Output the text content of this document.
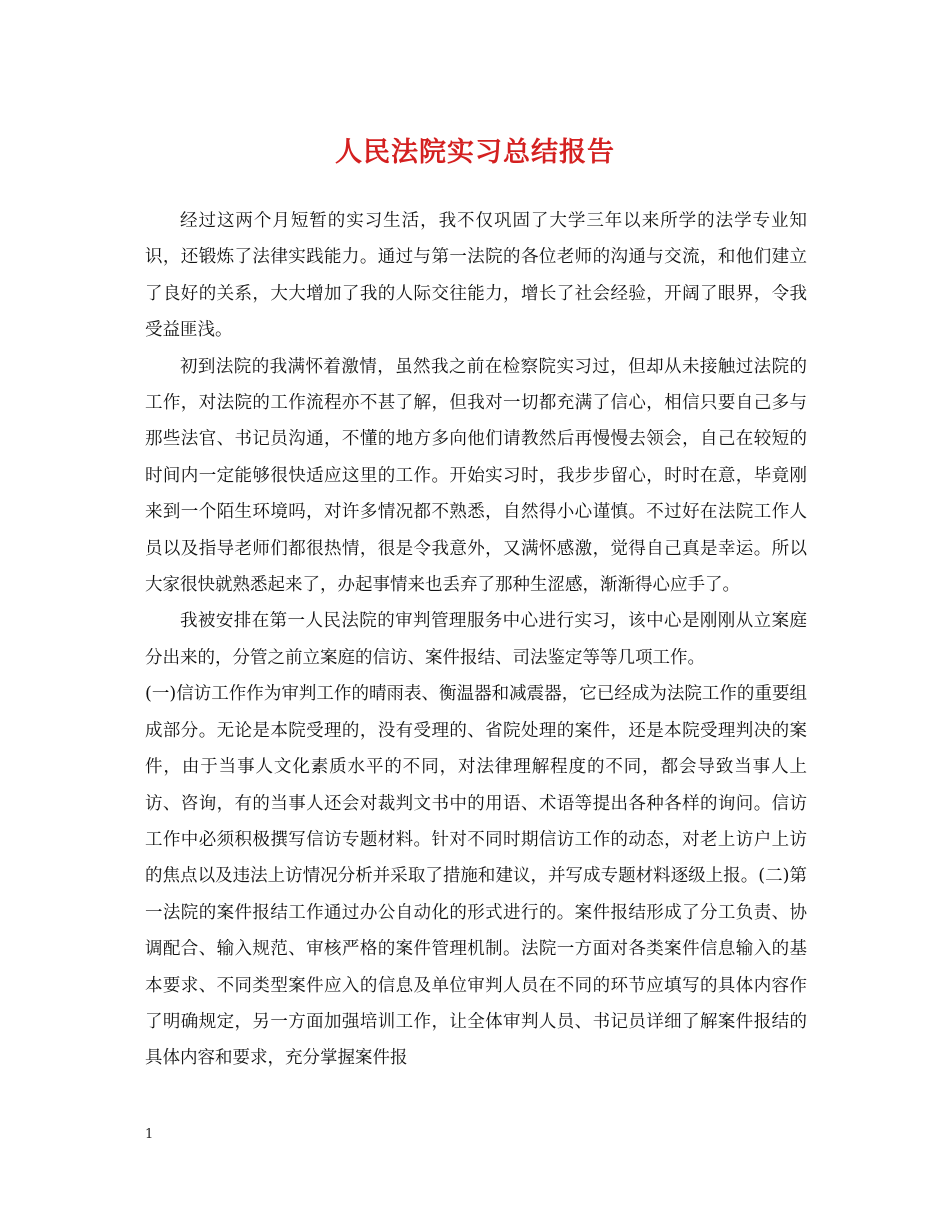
人民法院实习总结报告

经过这两个月短暂的实习生活，我不仅巩固了大学三年以来所学的法学专业知识，还锻炼了法律实践能力。通过与第一法院的各位老师的沟通与交流，和他们建立了良好的关系，大大增加了我的人际交往能力，增长了社会经验，开阔了眼界，令我受益匪浅。

初到法院的我满怀着激情，虽然我之前在检察院实习过，但却从未接触过法院的工作，对法院的工作流程亦不甚了解，但我对一切都充满了信心，相信只要自己多与那些法官、书记员沟通，不懂的地方多向他们请教然后再慢慢去领会，自己在较短的时间内一定能够很快适应这里的工作。开始实习时，我步步留心，时时在意，毕竟刚来到一个陌生环境吗，对许多情况都不熟悉，自然得小心谨慎。不过好在法院工作人员以及指导老师们都很热情，很是令我意外，又满怀感激，觉得自己真是幸运。所以大家很快就熟悉起来了，办起事情来也丢弃了那种生涩感，渐渐得心应手了。

我被安排在第一人民法院的审判管理服务中心进行实习，该中心是刚刚从立案庭分出来的，分管之前立案庭的信访、案件报结、司法鉴定等等几项工作。

(一)信访工作作为审判工作的晴雨表、衡温器和减震器，它已经成为法院工作的重要组成部分。无论是本院受理的，没有受理的、省院处理的案件，还是本院受理判决的案件，由于当事人文化素质水平的不同，对法律理解程度的不同，都会导致当事人上访、咨询，有的当事人还会对裁判文书中的用语、术语等提出各种各样的询问。信访工作中必须积极撰写信访专题材料。针对不同时期信访工作的动态，对老上访户上访的焦点以及违法上访情况分析并采取了措施和建议，并写成专题材料逐级上报。(二)第一法院的案件报结工作通过办公自动化的形式进行的。案件报结形成了分工负责、协调配合、输入规范、审核严格的案件管理机制。法院一方面对各类案件信息输入的基本要求、不同类型案件应入的信息及单位审判人员在不同的环节应填写的具体内容作了明确规定，另一方面加强培训工作，让全体审判人员、书记员详细了解案件报结的具体内容和要求，充分掌握案件报

1
